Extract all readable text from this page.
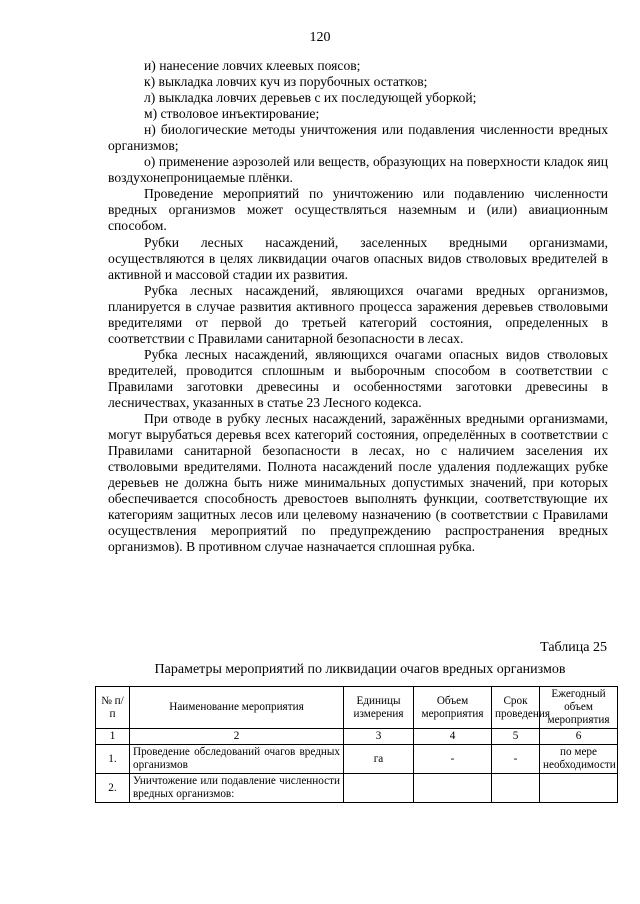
120

и) нанесение ловчих клеевых поясов;

к) выкладка ловчих куч из порубочных остатков;

л) выкладка ловчих деревьев с их последующей уборкой;

м) стволовое инъектирование;

н) биологические методы уничтожения или подавления численности вредных организмов;

о) применение аэрозолей или веществ, образующих на поверхности кладок яиц воздухонепроницаемые плёнки.

Проведение мероприятий по уничтожению или подавлению численности вредных организмов может осуществляться наземным и (или) авиационным способом.

Рубки лесных насаждений, заселенных вредными организмами, осуществляются в целях ликвидации очагов опасных видов стволовых вредителей в активной и массовой стадии их развития.

Рубка лесных насаждений, являющихся очагами вредных организмов, планируется в случае развития активного процесса заражения деревьев стволовыми вредителями от первой до третьей категорий состояния, определенных в соответствии с Правилами санитарной безопасности в лесах.

Рубка лесных насаждений, являющихся очагами опасных видов стволовых вредителей, проводится сплошным и выборочным способом в соответствии с Правилами заготовки древесины и особенностями заготовки древесины в лесничествах, указанных в статье 23 Лесного кодекса.

При отводе в рубку лесных насаждений, заражённых вредными организмами, могут вырубаться деревья всех категорий состояния, определённых в соответствии с Правилами санитарной безопасности в лесах, но с наличием заселения их стволовыми вредителями. Полнота насаждений после удаления подлежащих рубке деревьев не должна быть ниже минимальных допустимых значений, при которых обеспечивается способность древостоев выполнять функции, соответствующие их категориям защитных лесов или целевому назначению (в соответствии с Правилами осуществления мероприятий по предупреждению распространения вредных организмов). В противном случае назначается сплошная рубка.

Таблица 25
Параметры мероприятий по ликвидации очагов вредных организмов
№ п/п	Наименование мероприятия	Единицы измерения	Объем мероприятия	Срок проведения	Ежегодный объем мероприятия
1	2	3	4	5	6
1.	Проведение обследований очагов вредных организмов	га	-	-	по мере необходимости
2.	Уничтожение или подавление численности вредных организмов:				
